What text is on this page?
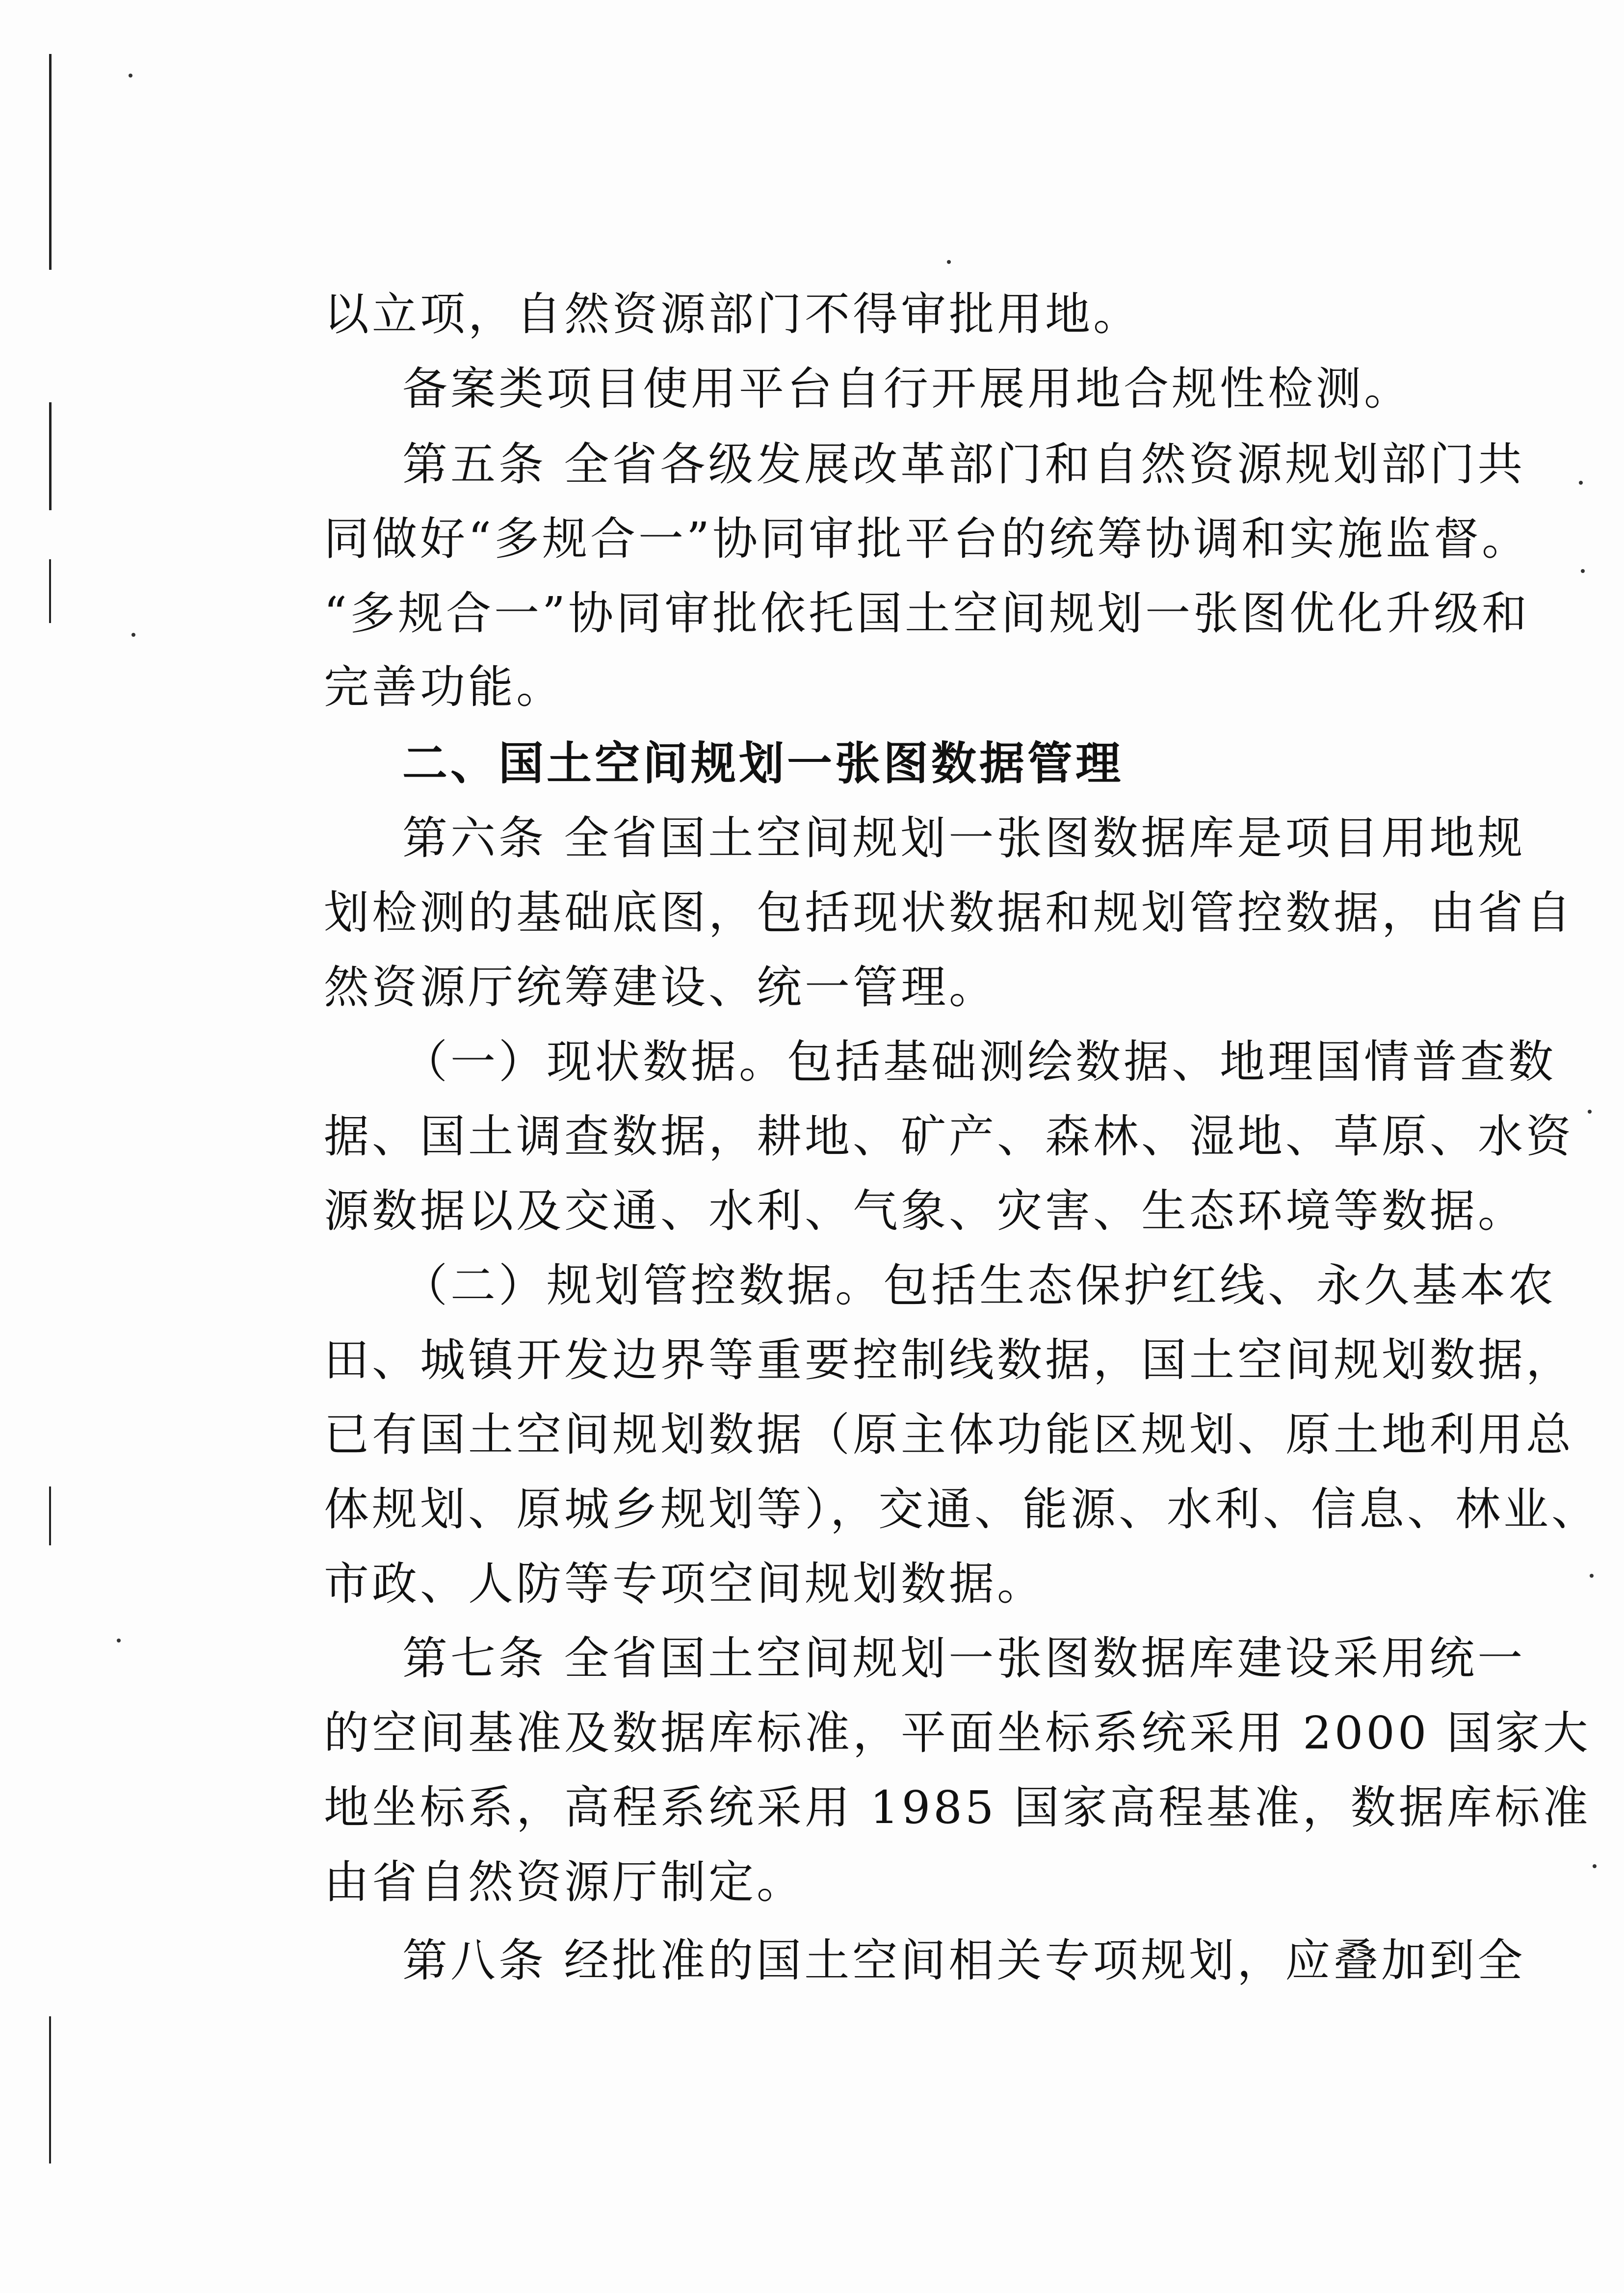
以立项，自然资源部门不得审批用地。
备案类项目使用平台自行开展用地合规性检测。
第五条 全省各级发展改革部门和自然资源规划部门共
同做好“多规合一”协同审批平台的统筹协调和实施监督。
“多规合一”协同审批依托国土空间规划一张图优化升级和
完善功能。
二、国土空间规划一张图数据管理
第六条 全省国土空间规划一张图数据库是项目用地规
划检测的基础底图，包括现状数据和规划管控数据，由省自
然资源厅统筹建设、统一管理。
（一）现状数据。包括基础测绘数据、地理国情普查数
据、国土调查数据，耕地、矿产、森林、湿地、草原、水资
源数据以及交通、水利、气象、灾害、生态环境等数据。
（二）规划管控数据。包括生态保护红线、永久基本农
田、城镇开发边界等重要控制线数据，国土空间规划数据，
已有国土空间规划数据（原主体功能区规划、原土地利用总
体规划、原城乡规划等），交通、能源、水利、信息、林业、
市政、人防等专项空间规划数据。
第七条 全省国土空间规划一张图数据库建设采用统一
的空间基准及数据库标准，平面坐标系统采用 2000 国家大
地坐标系，高程系统采用 1985 国家高程基准，数据库标准
由省自然资源厅制定。
第八条 经批准的国土空间相关专项规划，应叠加到全
